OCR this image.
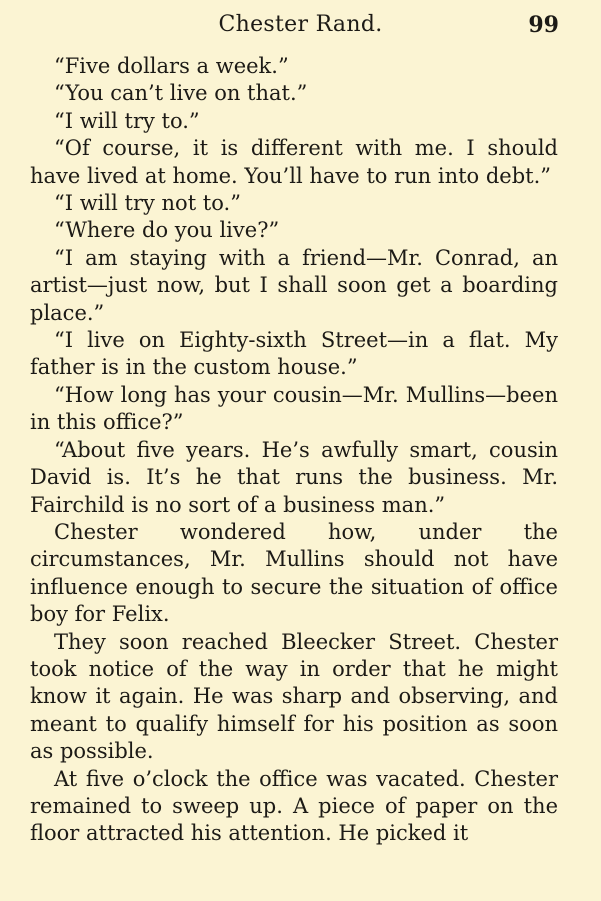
Chester Rand.	99

“Five dollars a week.”

“You can’t live on that.”

“I will try to.”

“Of course, it is different with me. I should have lived at home. You’ll have to run into debt.”

“I will try not to.”

“Where do you live?”

“I am staying with a friend—Mr. Conrad, an artist—just now, but I shall soon get a boarding place.”

“I live on Eighty-sixth Street—in a flat. My father is in the custom house.”

“How long has your cousin—Mr. Mullins—been in this office?”

“About five years. He’s awfully smart, cousin David is. It’s he that runs the business. Mr. Fairchild is no sort of a business man.”

Chester wondered how, under the circumstances, Mr. Mullins should not have influence enough to secure the situation of office boy for Felix.

They soon reached Bleecker Street. Chester took notice of the way in order that he might know it again. He was sharp and observing, and meant to qualify himself for his position as soon as possible.

At five o’clock the office was vacated. Chester remained to sweep up. A piece of paper on the floor attracted his attention. He picked it
